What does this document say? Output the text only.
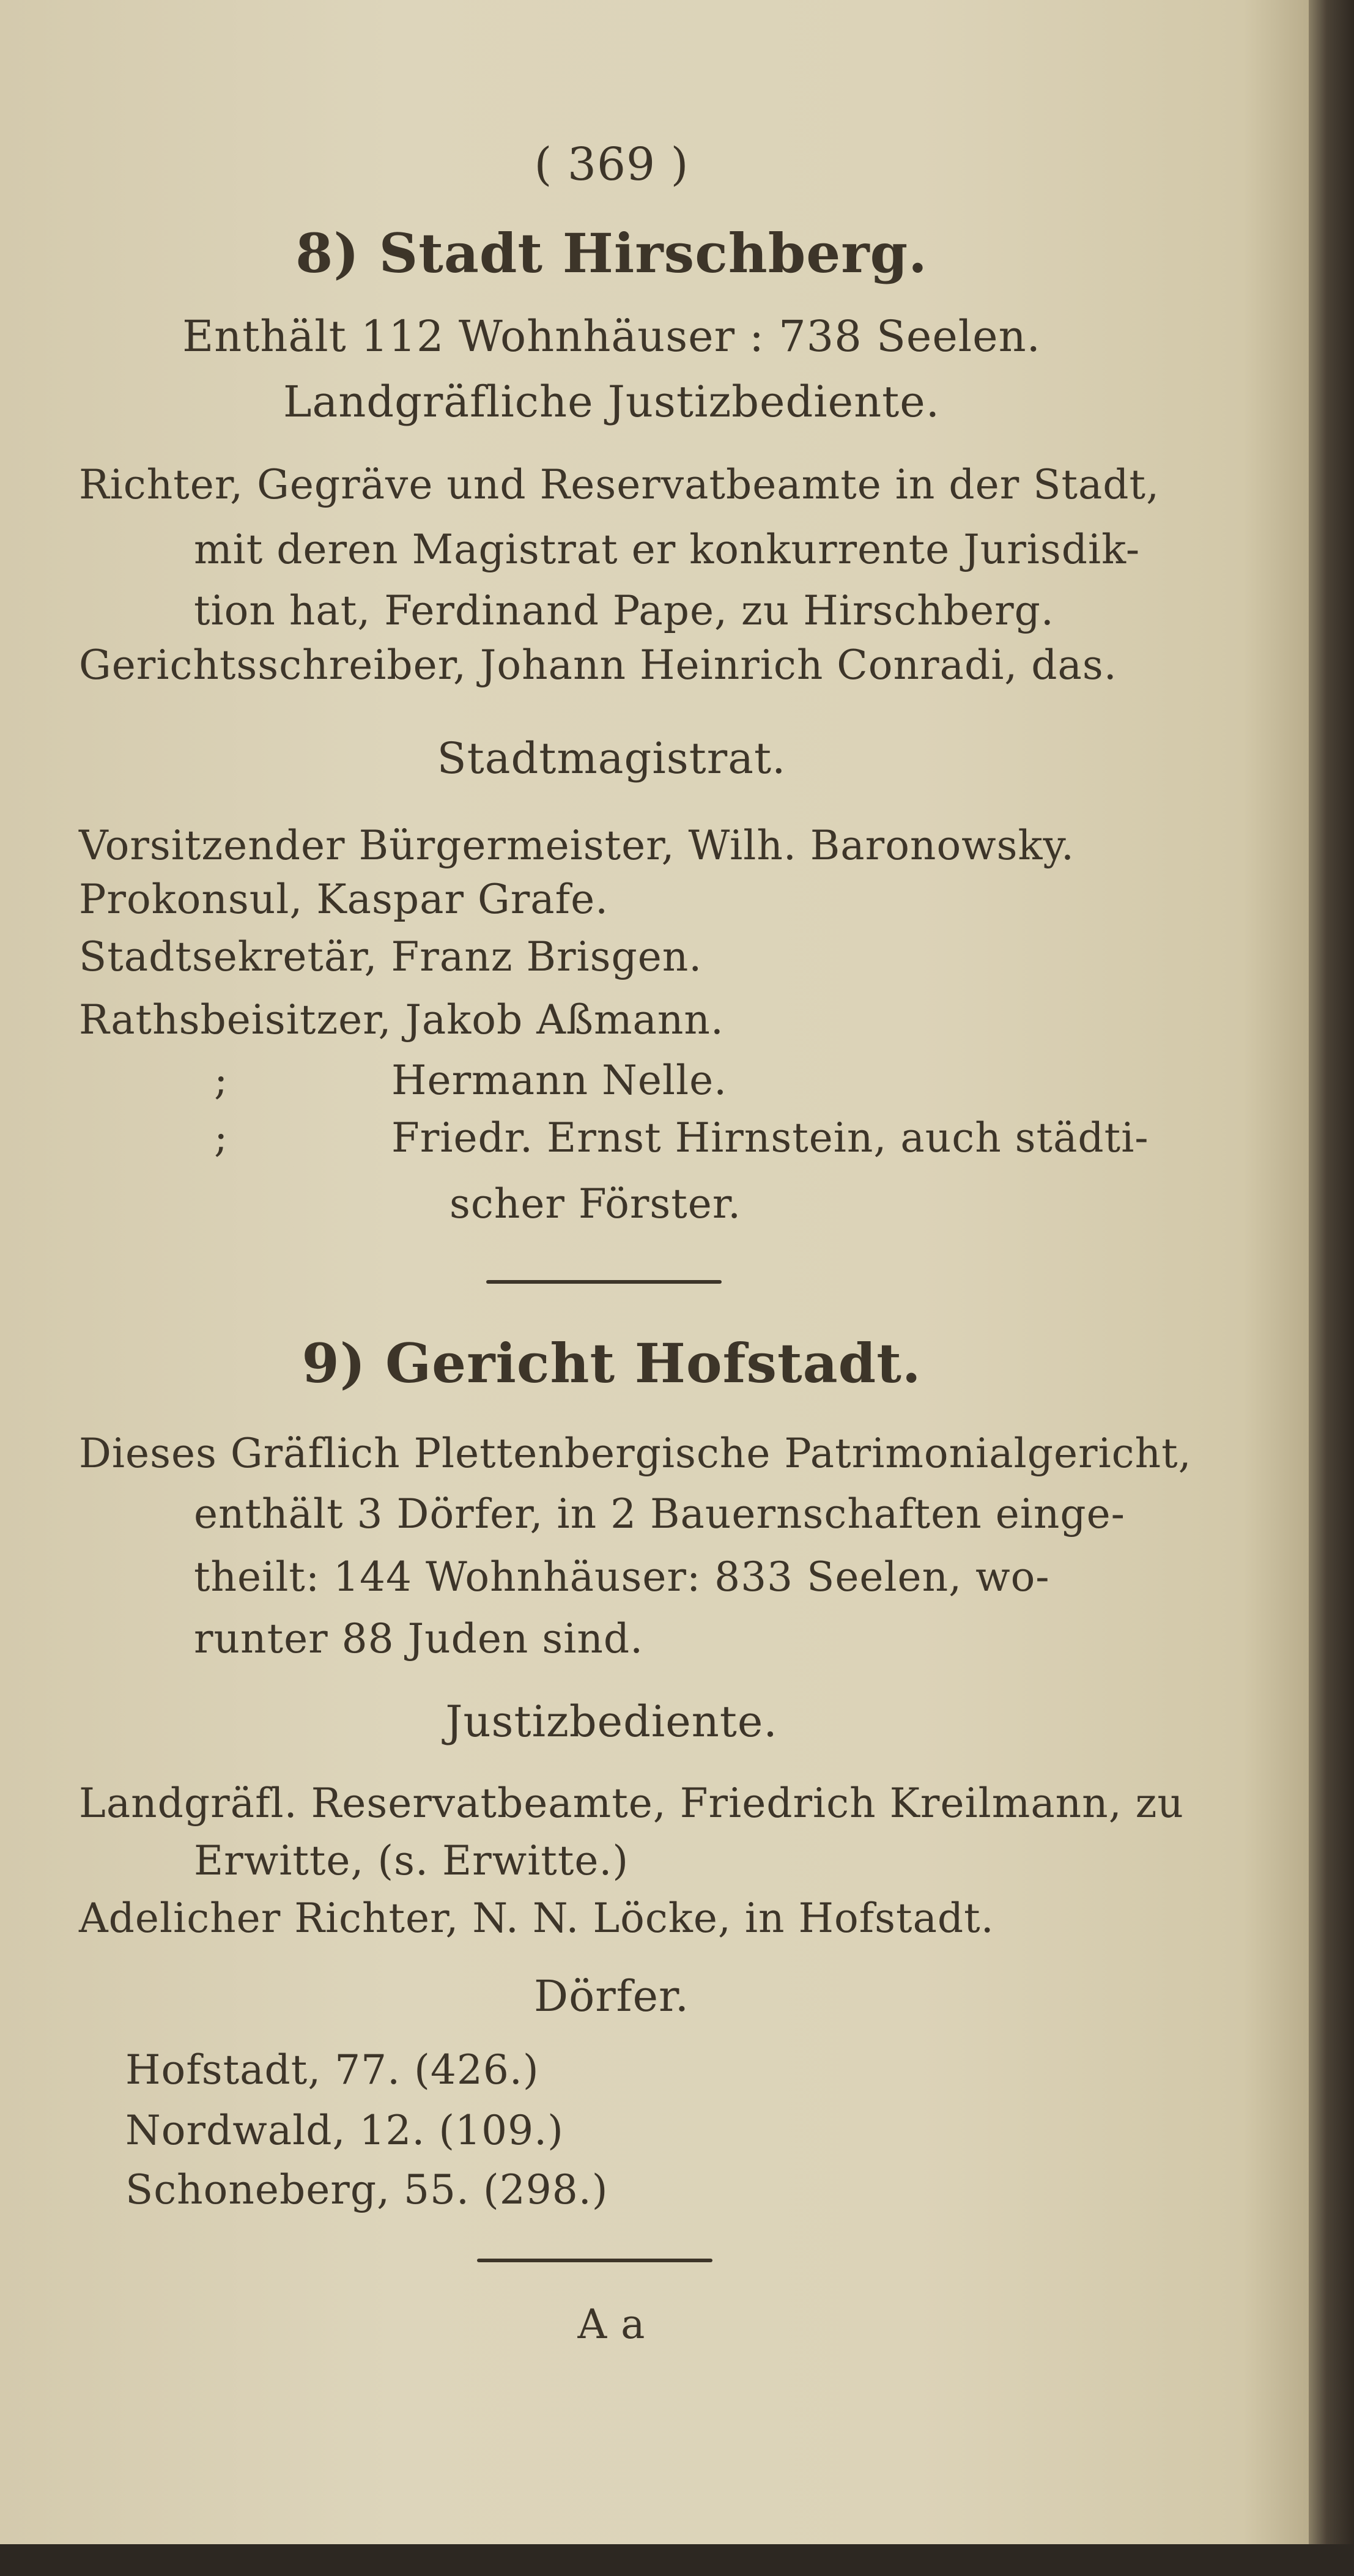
( 369 )
8) Stadt Hirschberg.
Enthält 112 Wohnhäuser : 738 Seelen.
Landgräfliche Justizbediente.
Richter, Gegräve und Reservatbeamte in der Stadt,
mit deren Magistrat er konkurrente Jurisdik-
tion hat, Ferdinand Pape, zu Hirschberg.
Gerichtsschreiber, Johann Heinrich Conradi, das.
Stadtmagistrat.
Vorsitzender Bürgermeister, Wilh. Baronowsky.
Prokonsul, Kaspar Grafe.
Stadtsekretär, Franz Brisgen.
Rathsbeisitzer, Jakob Aßmann.
;	Hermann Nelle.
;	Friedr. Ernst Hirnstein, auch städti-
scher Förster.
9) Gericht Hofstadt.
Dieses Gräflich Plettenbergische Patrimonialgericht,
enthält 3 Dörfer, in 2 Bauernschaften einge-
theilt: 144 Wohnhäuser: 833 Seelen, wo-
runter 88 Juden sind.
Justizbediente.
Landgräfl. Reservatbeamte, Friedrich Kreilmann, zu
Erwitte, (s. Erwitte.)
Adelicher Richter, N. N. Löcke, in Hofstadt.
Dörfer.
Hofstadt, 77. (426.)
Nordwald, 12. (109.)
Schoneberg, 55. (298.)
A a
